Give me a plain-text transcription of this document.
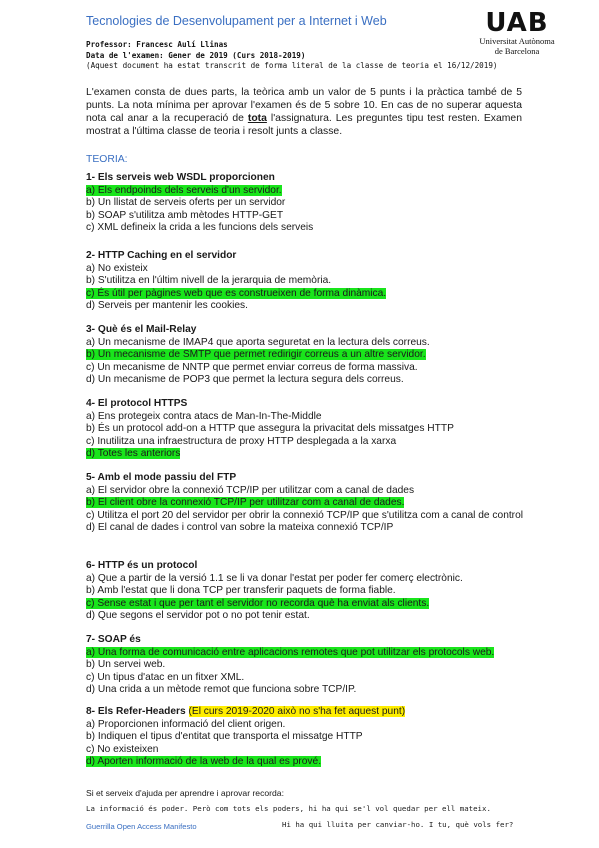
Tecnologies de Desenvolupament per a Internet i Web	UAB
Universitat Autònoma
de Barcelona
Professor: Francesc Aulí Llinas
Data de l'examen: Gener de 2019 (Curs 2018-2019)
(Aquest document ha estat transcrit de forma literal de la classe de teoria el 16/12/2019)
L'examen consta de dues parts, la teòrica amb un valor de 5 punts i la pràctica també de 5 punts. La nota mínima per aprovar l'examen és de 5 sobre 10. En cas de no superar aquesta nota cal anar a la recuperació de tota l'assignatura. Les preguntes tipu test resten. Examen mostrat a l'última classe de teoria i resolt junts a classe.
TEORIA:
1- Els serveis web WSDL proporcionen
a) Els endpoinds dels serveis d'un servidor.
b) Un llistat de serveis oferts per un servidor
b) SOAP s'utilitza amb mètodes HTTP-GET
c) XML defineix la crida a les funcions dels serveis
2- HTTP Caching en el servidor
a) No existeix
b) S'utilitza en l'últim nivell de la jerarquia de memòria.
c) És útil per pàgines web que es construeixen de forma dinàmica.
d) Serveis per mantenir les cookies.
3- Què és el Mail-Relay
a) Un mecanisme de IMAP4 que aporta seguretat en la lectura dels correus.
b) Un mecanisme de SMTP que permet redirigir correus a un altre servidor.
c) Un mecanisme de NNTP que permet enviar correus de forma massiva.
d) Un mecanisme de POP3 que permet la lectura segura dels correus.
4- El protocol HTTPS
a) Ens protegeix contra atacs de Man-In-The-Middle
b) És un protocol add-on a HTTP que assegura la privacitat dels missatges HTTP
c) Inutilitza una infraestructura de proxy HTTP desplegada a la xarxa
d) Totes les anteriors
5- Amb el mode passiu del FTP
a) El servidor obre la connexió TCP/IP per utilitzar com a canal de dades
b) El client obre la connexió TCP/IP per utilitzar com a canal de dades.
c) Utilitza el port 20 del servidor per obrir la connexió TCP/IP que s'utilitza com a canal de control
d) El canal de dades i control van sobre la mateixa connexió TCP/IP
6- HTTP és un protocol
a) Que a partir de la versió 1.1 se li va donar l'estat per poder fer comerç electrònic.
b) Amb l'estat que li dona TCP per transferir paquets de forma fiable.
c) Sense estat i que per tant el servidor no recorda què ha enviat als clients.
d) Que segons el servidor pot o no pot tenir estat.
7- SOAP és
a) Una forma de comunicació entre aplicacions remotes que pot utilitzar els protocols web.
b) Un servei web.
c) Un tipus d'atac en un fitxer XML.
d) Una crida a un mètode remot que funciona sobre TCP/IP.
8- Els Refer-Headers (El curs 2019-2020 això no s'ha fet aquest punt)
a) Proporcionen informació del client origen.
b) Indiquen el tipus d'entitat que transporta el missatge HTTP
c) No existeixen
d) Aporten informació de la web de la qual es prové.
Si et serveix d'ajuda per aprendre i aprovar recorda:
La informació és poder. Però com tots els poders, hi ha qui se'l vol quedar per ell mateix.
Guerrilla Open Access Manifesto	Hi ha qui lluita per canviar-ho. I tu, què vols fer?
